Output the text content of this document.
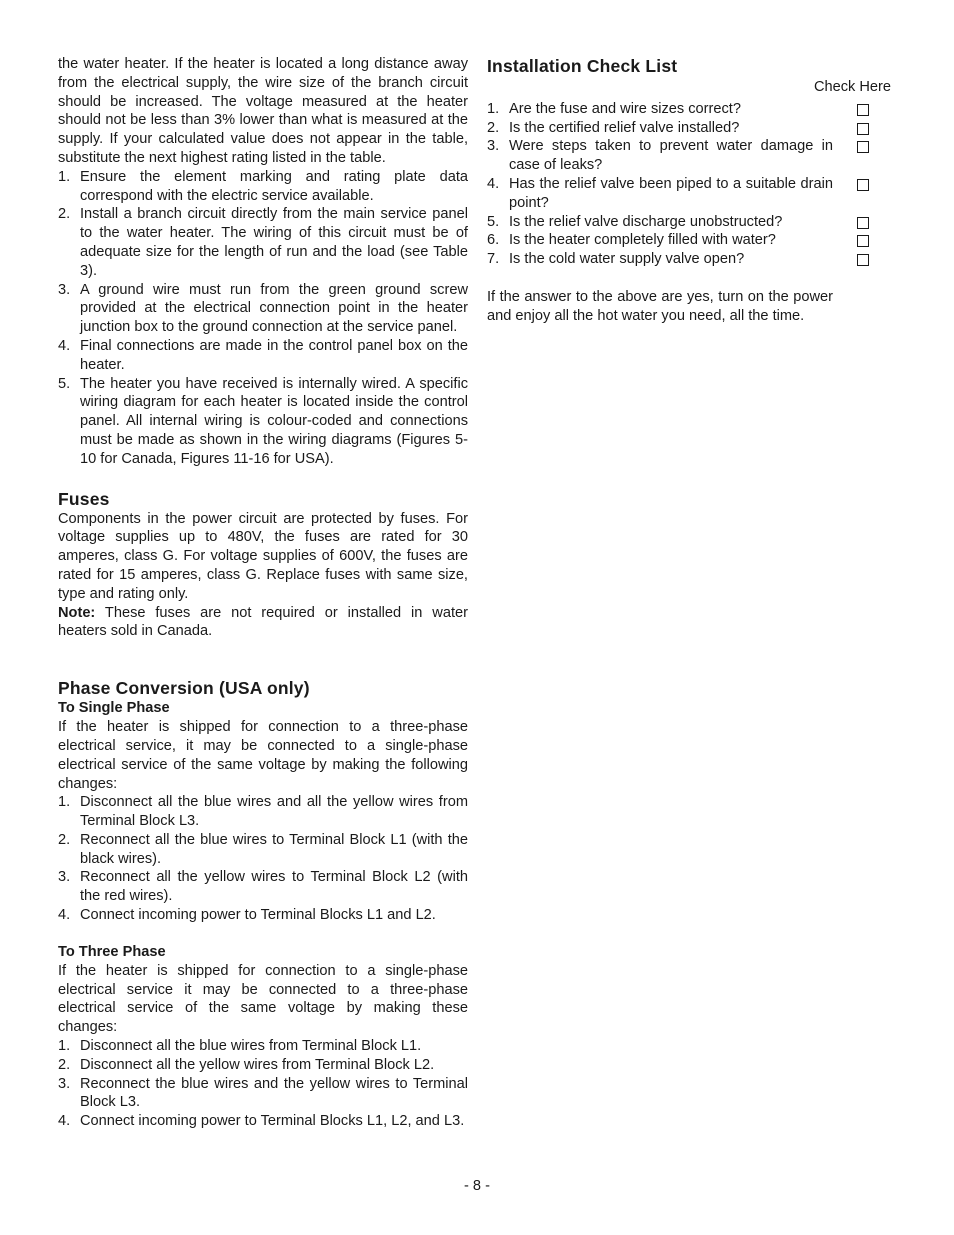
the water heater. If the heater is located a long distance away from the electrical supply, the wire size of the branch circuit should be increased. The voltage measured at the heater should not be less than 3% lower than what is measured at the supply. If your calculated value does not appear in the table, substitute the next highest rating listed in the table.

1. Ensure the element marking and rating plate data correspond with the electric service available.
2. Install a branch circuit directly from the main service panel to the water heater. The wiring of this circuit must be of adequate size for the length of run and the load (see Table 3).
3. A ground wire must run from the green ground screw provided at the electrical connection point in the heater junction box to the ground connection at the service panel.
4. Final connections are made in the control panel box on the heater.
5. The heater you have received is internally wired. A specific wiring diagram for each heater is located inside the control panel. All internal wiring is colour-coded and connections must be made as shown in the wiring diagrams (Figures 5-10 for Canada, Figures 11-16 for USA).
Fuses

Components in the power circuit are protected by fuses. For voltage supplies up to 480V, the fuses are rated for 30 amperes, class G. For voltage supplies of 600V, the fuses are rated for 15 amperes, class G. Replace fuses with same size, type and rating only.

Note: These fuses are not required or installed in water heaters sold in Canada.

Phase Conversion (USA only)
To Single Phase

If the heater is shipped for connection to a three-phase electrical service, it may be connected to a single-phase electrical service of the same voltage by making the following changes:

1. Disconnect all the blue wires and all the yellow wires from Terminal Block L3.
2. Reconnect all the blue wires to Terminal Block L1 (with the black wires).
3. Reconnect all the yellow wires to Terminal Block L2 (with the red wires).
4. Connect incoming power to Terminal Blocks L1 and L2.
To Three Phase

If the heater is shipped for connection to a single-phase electrical service it may be connected to a three-phase electrical service of the same voltage by making these changes:

1. Disconnect all the blue wires from Terminal Block L1.
2. Disconnect all the yellow wires from Terminal Block L2.
3. Reconnect the blue wires and the yellow wires to Terminal Block L3.
4. Connect incoming power to Terminal Blocks L1, L2, and L3.
Installation Check List
Check Here
1. Are the fuse and wire sizes correct?
2. Is the certified relief valve installed?
3. Were steps taken to prevent water damage in case of leaks?
4. Has the relief valve been piped to a suitable drain point?
5. Is the relief valve discharge unobstructed?
6. Is the heater completely filled with water?
7. Is the cold water supply valve open?

If the answer to the above are yes, turn on the power and enjoy all the hot water you need, all the time.

- 8 -
